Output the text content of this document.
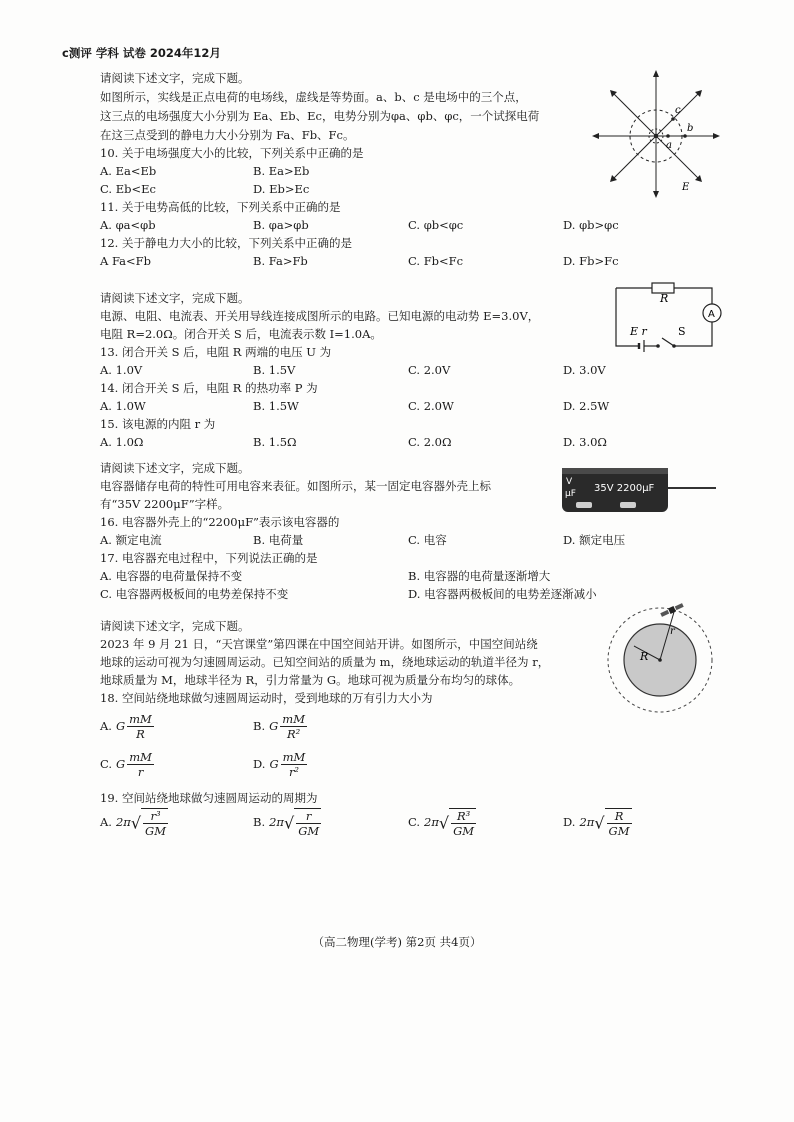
c测评 学科 试卷 2024年12月
请阅读下述文字，完成下题。
如图所示，实线是正点电荷的电场线，虚线是等势面。a、b、c 是电场中的三个点，
这三点的电场强度大小分别为 Ea、Eb、Ec，电势分别为φa、φb、φc，一个试探电荷
在这三点受到的静电力大小分别为 Fa、Fb、Fc。
10. 关于电场强度大小的比较，下列关系中正确的是
A. Ea<Eb	B. Ea>Eb
C. Eb<Ec	D. Eb>Ec
11. 关于电势高低的比较，下列关系中正确的是
A. φa<φb	B. φa>φb	C. φb<φc	D. φb>φc
12. 关于静电力大小的比较，下列关系中正确的是
A Fa<Fb	B. Fa>Fb	C. Fb<Fc	D. Fb>Fc
a
b
c
E
请阅读下述文字，完成下题。
电源、电阻、电流表、开关用导线连接成图所示的电路。已知电源的电动势 E=3.0V，
电阻 R=2.0Ω。闭合开关 S 后，电流表示数 I=1.0A。
13. 闭合开关 S 后，电阻 R 两端的电压 U 为
A. 1.0V	B. 1.5V	C. 2.0V	D. 3.0V
14. 闭合开关 S 后，电阻 R 的热功率 P 为
A. 1.0W	B. 1.5W	C. 2.0W	D. 2.5W
15. 该电源的内阻 r 为
A. 1.0Ω	B. 1.5Ω	C. 2.0Ω	D. 3.0Ω
R
A
E r	S
请阅读下述文字，完成下题。
电容器储存电荷的特性可用电容来表征。如图所示，某一固定电容器外壳上标
有“35V 2200μF”字样。
16. 电容器外壳上的“2200μF”表示该电容器的
A. 额定电流	B. 电荷量	C. 电容	D. 额定电压
17. 电容器充电过程中，下列说法正确的是
A. 电容器的电荷量保持不变	B. 电容器的电荷量逐渐增大
C. 电容器两极板间的电势差保持不变	D. 电容器两极板间的电势差逐渐减小
V
μF 35V 2200μF
请阅读下述文字，完成下题。
2023 年 9 月 21 日，“天宫课堂”第四课在中国空间站开讲。如图所示，中国空间站绕
地球的运动可视为匀速圆周运动。已知空间站的质量为 m，绕地球运动的轨道半径为 r，
地球质量为 M，地球半径为 R，引力常量为 G。地球可视为质量分布均匀的球体。
18. 空间站绕地球做匀速圆周运动时，受到地球的万有引力大小为
A. G $\frac{mM}{R}$	B. G $\frac{mM}{\text{R²}}$
C. G $\frac{mM}{r}$	D. G $\frac{mM}{\text{r²}}$
19. 空间站绕地球做匀速圆周运动的周期为
A. $2\pi√ \frac{\text{r³}}{GM}$	B. $2\pi√ \frac{r}{GM}$	C. $2\pi√ \frac{\text{R³}}{GM}$	D. $2\pi√ \frac{R}{GM}$
R
r
（高二物理(学考) 第2页 共4页）
